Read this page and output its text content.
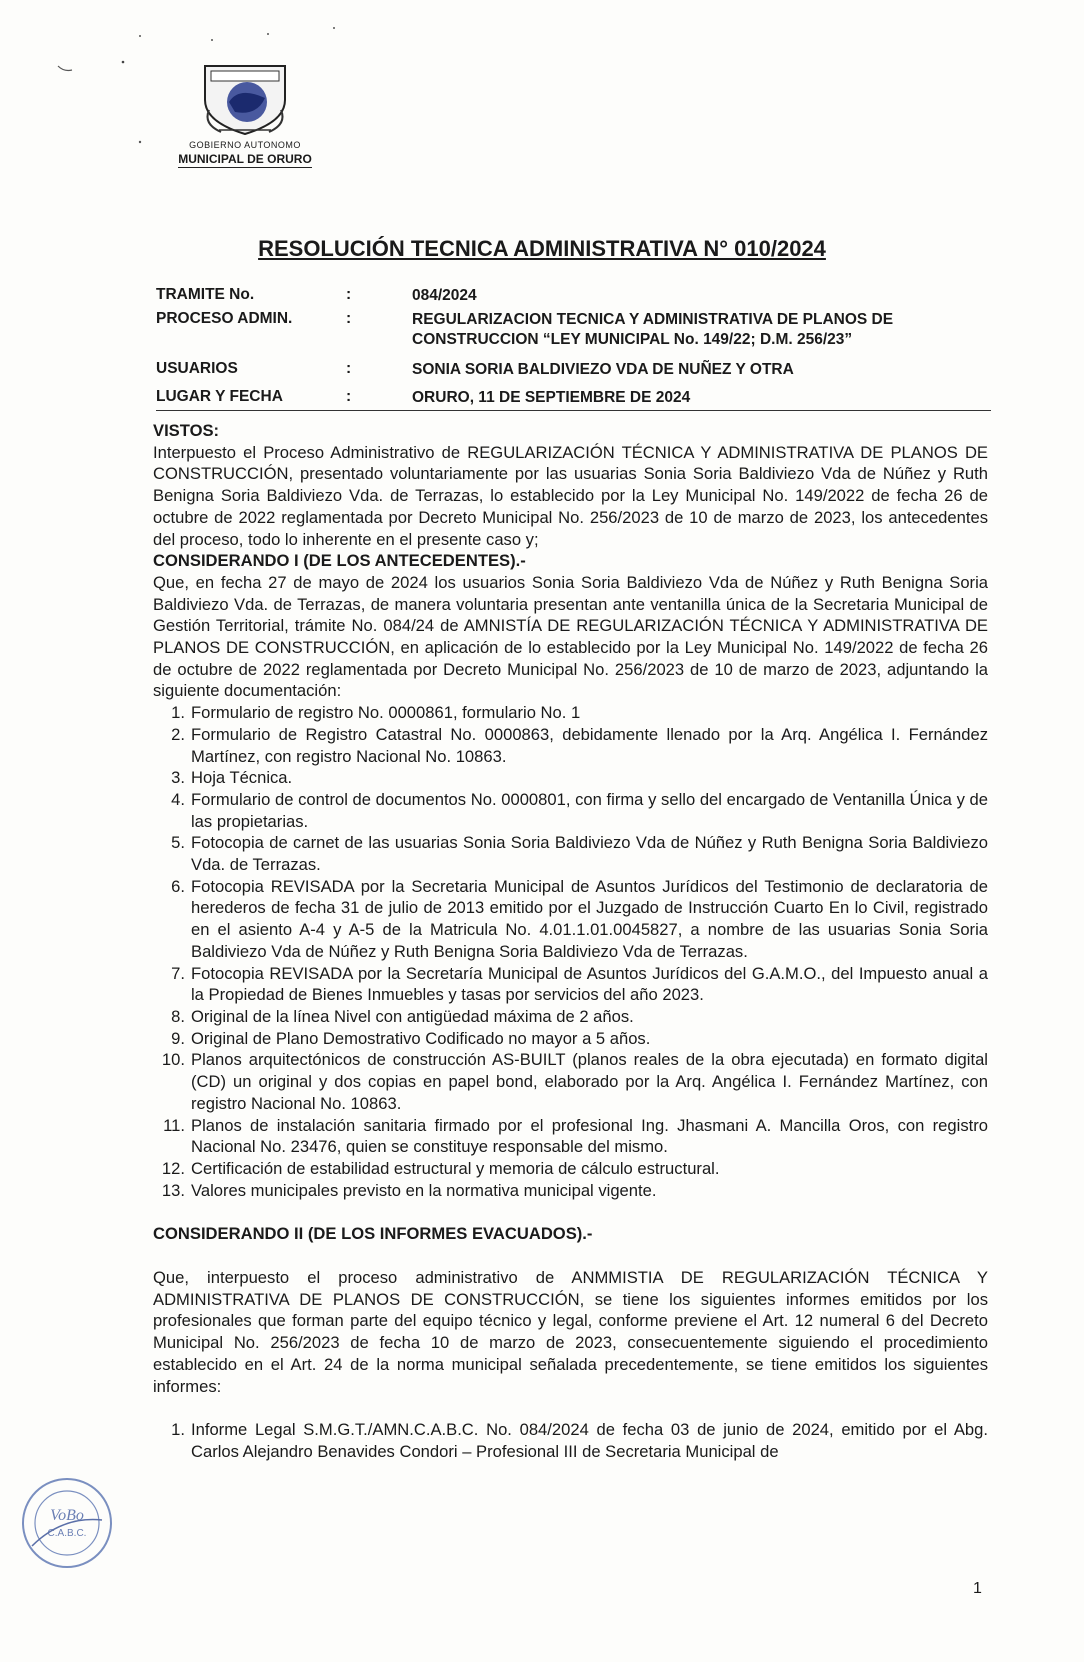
GOBIERNO AUTONOMO
MUNICIPAL DE ORURO
RESOLUCIÓN TECNICA ADMINISTRATIVA N° 010/2024
TRAMITE No.	:	084/2024
PROCESO ADMIN.	:	REGULARIZACION TECNICA Y ADMINISTRATIVA DE PLANOS DE CONSTRUCCION “LEY MUNICIPAL No. 149/22; D.M. 256/23”
USUARIOS	:	SONIA SORIA BALDIVIEZO VDA DE NUÑEZ Y OTRA
LUGAR Y FECHA	:	ORURO, 11 DE SEPTIEMBRE DE 2024

VISTOS:

Interpuesto el Proceso Administrativo de REGULARIZACIÓN TÉCNICA Y ADMINISTRATIVA DE PLANOS DE CONSTRUCCIÓN, presentado voluntariamente por las usuarias Sonia Soria Baldiviezo Vda de Núñez y Ruth Benigna Soria Baldiviezo Vda. de Terrazas, lo establecido por la Ley Municipal No. 149/2022 de fecha 26 de octubre de 2022 reglamentada por Decreto Municipal No. 256/2023 de 10 de marzo de 2023, los antecedentes del proceso, todo lo inherente en el presente caso y;

CONSIDERANDO I (DE LOS ANTECEDENTES).-

Que, en fecha 27 de mayo de 2024 los usuarios Sonia Soria Baldiviezo Vda de Núñez y Ruth Benigna Soria Baldiviezo Vda. de Terrazas, de manera voluntaria presentan ante ventanilla única de la Secretaria Municipal de Gestión Territorial, trámite No. 084/24 de AMNISTÍA DE REGULARIZACIÓN TÉCNICA Y ADMINISTRATIVA DE PLANOS DE CONSTRUCCIÓN, en aplicación de lo establecido por la Ley Municipal No. 149/2022 de fecha 26 de octubre de 2022 reglamentada por Decreto Municipal No. 256/2023 de 10 de marzo de 2023, adjuntando la siguiente documentación:

1. Formulario de registro No. 0000861, formulario No. 1
2. Formulario de Registro Catastral No. 0000863, debidamente llenado por la Arq. Angélica I. Fernández Martínez, con registro Nacional No. 10863.
3. Hoja Técnica.
4. Formulario de control de documentos No. 0000801, con firma y sello del encargado de Ventanilla Única y de las propietarias.
5. Fotocopia de carnet de las usuarias Sonia Soria Baldiviezo Vda de Núñez y Ruth Benigna Soria Baldiviezo Vda. de Terrazas.
6. Fotocopia REVISADA por la Secretaria Municipal de Asuntos Jurídicos del Testimonio de declaratoria de herederos de fecha 31 de julio de 2013 emitido por el Juzgado de Instrucción Cuarto En lo Civil, registrado en el asiento A-4 y A-5 de la Matricula No. 4.01.1.01.0045827, a nombre de las usuarias Sonia Soria Baldiviezo Vda de Núñez y Ruth Benigna Soria Baldiviezo Vda de Terrazas.
7. Fotocopia REVISADA por la Secretaría Municipal de Asuntos Jurídicos del G.A.M.O., del Impuesto anual a la Propiedad de Bienes Inmuebles y tasas por servicios del año 2023.
8. Original de la línea Nivel con antigüedad máxima de 2 años.
9. Original de Plano Demostrativo Codificado no mayor a 5 años.
10. Planos arquitectónicos de construcción AS-BUILT (planos reales de la obra ejecutada) en formato digital (CD) un original y dos copias en papel bond, elaborado por la Arq. Angélica I. Fernández Martínez, con registro Nacional No. 10863.
11. Planos de instalación sanitaria firmado por el profesional Ing. Jhasmani A. Mancilla Oros, con registro Nacional No. 23476, quien se constituye responsable del mismo.
12. Certificación de estabilidad estructural y memoria de cálculo estructural.
13. Valores municipales previsto en la normativa municipal vigente.

CONSIDERANDO II (DE LOS INFORMES EVACUADOS).-

Que, interpuesto el proceso administrativo de ANMMISTIA DE REGULARIZACIÓN TÉCNICA Y ADMINISTRATIVA DE PLANOS DE CONSTRUCCIÓN, se tiene los siguientes informes emitidos por los profesionales que forman parte del equipo técnico y legal, conforme previene el Art. 12 numeral 6 del Decreto Municipal No. 256/2023 de fecha 10 de marzo de 2023, consecuentemente siguiendo el procedimiento establecido en el Art. 24 de la norma municipal señalada precedentemente, se tiene emitidos los siguientes informes:

1. Informe Legal S.M.G.T./AMN.C.A.B.C. No. 084/2024 de fecha 03 de junio de 2024, emitido por el Abg. Carlos Alejandro Benavides Condori – Profesional III de Secretaria Municipal de
VoBo
C.A.B.C.
1
